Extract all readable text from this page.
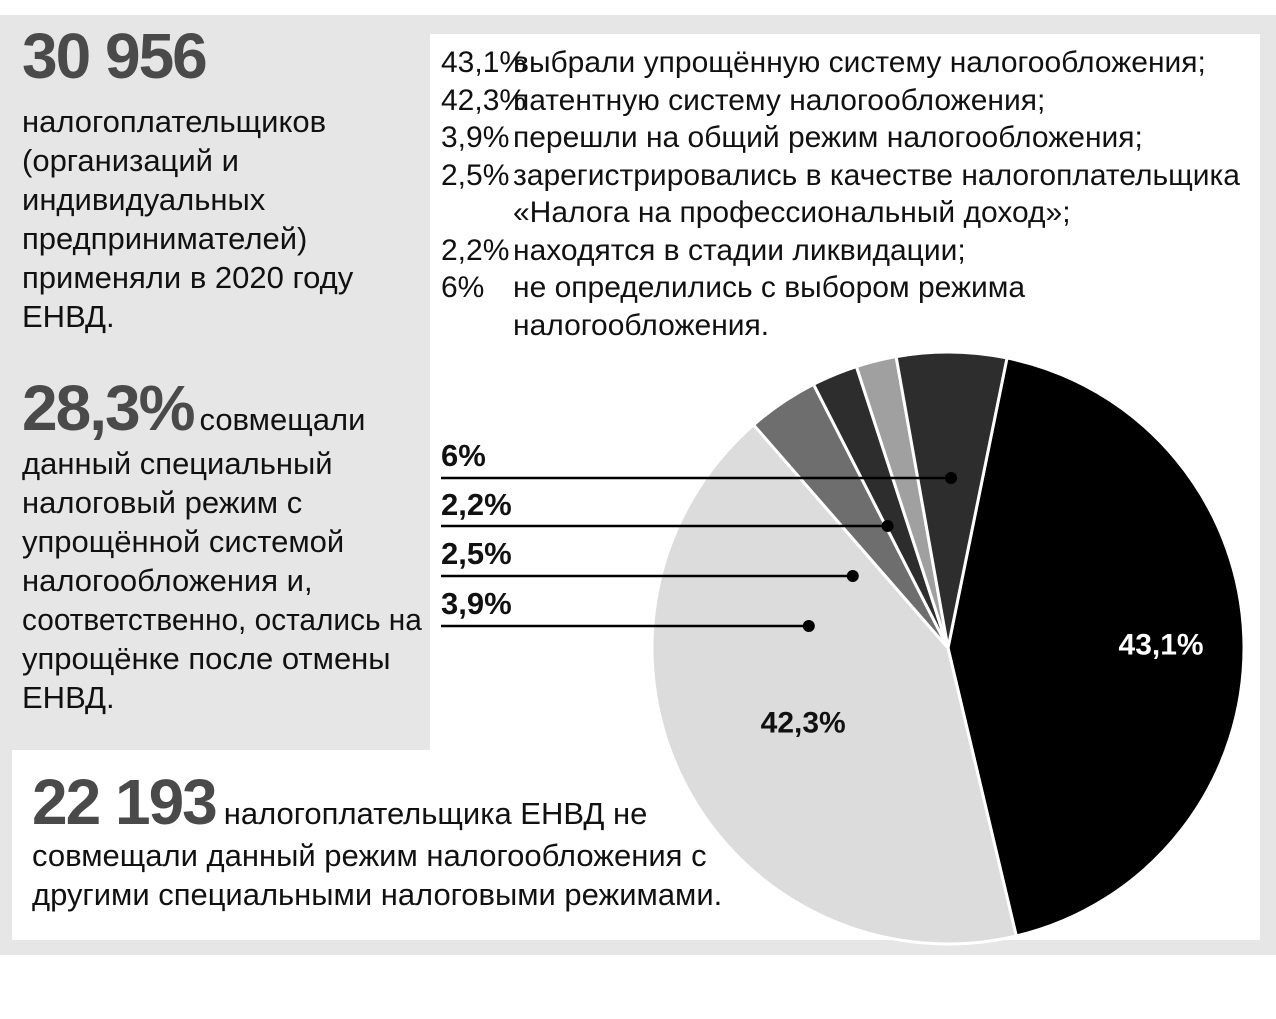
43,1%
42,3%
30 956
налогоплательщиков
(организаций и
индивидуальных
предпринимателей)
применяли в 2020 году
ЕНВД.
28,3% совмещали
данный специальный
налоговый режим с
упрощённой системой
налогообложения и,
соответственно, остались на
упрощёнке после отмены
ЕНВД.
22 193 налогоплательщика ЕНВД не
совмещали данный режим налогообложения с
другими специальными налоговыми режимами.
43,1%выбрали упрощённую систему налогообложения;
42,3%патентную систему налогообложения;
3,9% перешли на общий режим налогообложения;
2,5% зарегистрировались в качестве налогоплательщика
«Налога на профессиональный доход»;
2,2% находятся в стадии ликвидации;
6% не определились с выбором режима
налогообложения.
6%
2,2%
2,5%
3,9%
